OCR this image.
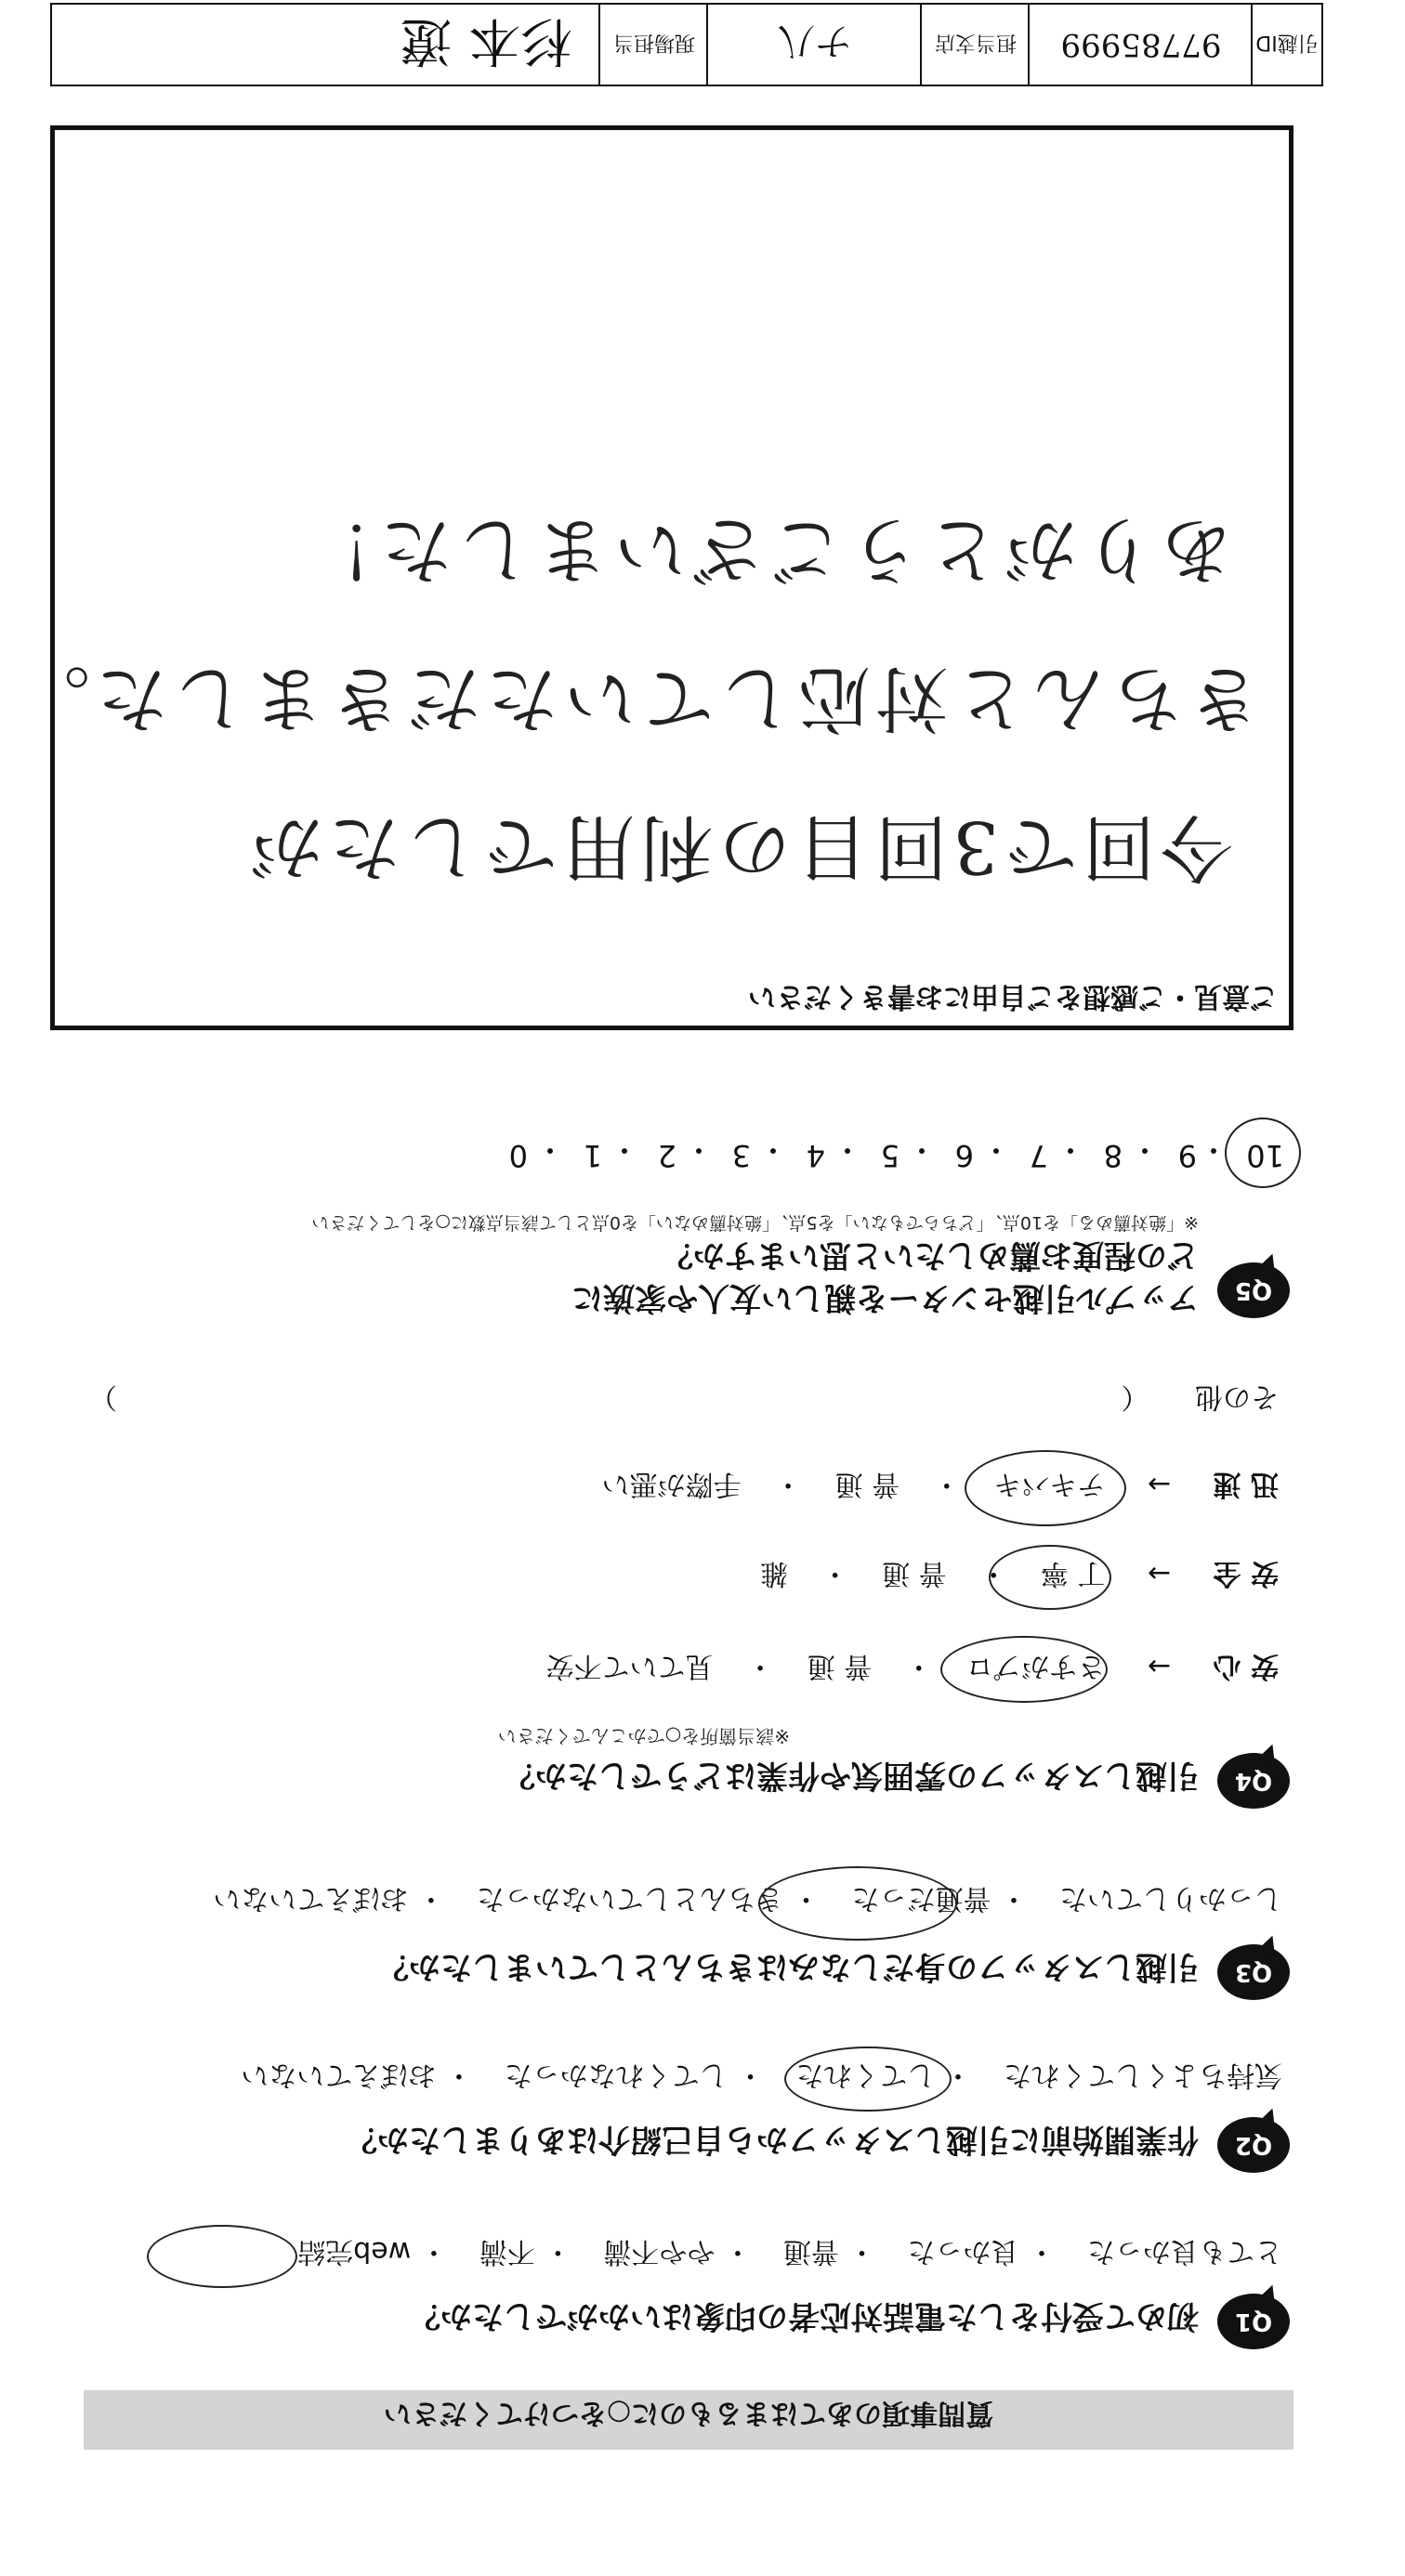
質問事項のあてはまるものに○をつけてください
Q1
初めて受付をした電話対応者の印象はいかがでしたか？
とても良かった・ 良かった・ 普通・ やや不満・ 不満・ web完結
Q2
作業開始前に引越しスタッフから自己紹介はありましたか？
気持ちよくしてくれた・ してくれた・ してくれなかった・ おぼえていない
Q3
引越しスタッフの身だしなみはきちんとしていましたか？
しっかりしていた・ 普通だった・ きちんとしていなかった・ おぼえていない
Q4
引越しスタッフの雰囲気や作業はどうでしたか？
※該当箇所を○でかこんでください
安 心 → さすがプロ ・ 普 通 ・ 見ていて不安
安 全 → 丁 寧 ・ 普 通 ・ 雑
迅 速 → テキパキ ・ 普 通 ・ 手際が悪い
その他 （
）
Q5
アップル引越センターを親しい友人や家族に
どの程度お薦めしたいと思いますか？
※「絶対薦める」を10点、「どちらでもない」を5点、「絶対薦めない」を0点として該当点数に○をしてください
10
・
9
・
8
・
7
・
6
・
5
・
4
・
3
・
2
・
1
・
0
ご意見・ご感想をご自由にお書きください
今回で3回目の利用でしたが
きちんと対応していただきました。
ありがとうございました！
引越ID
97785999
担当支店
ナ八
現場担当
杉本 遼
